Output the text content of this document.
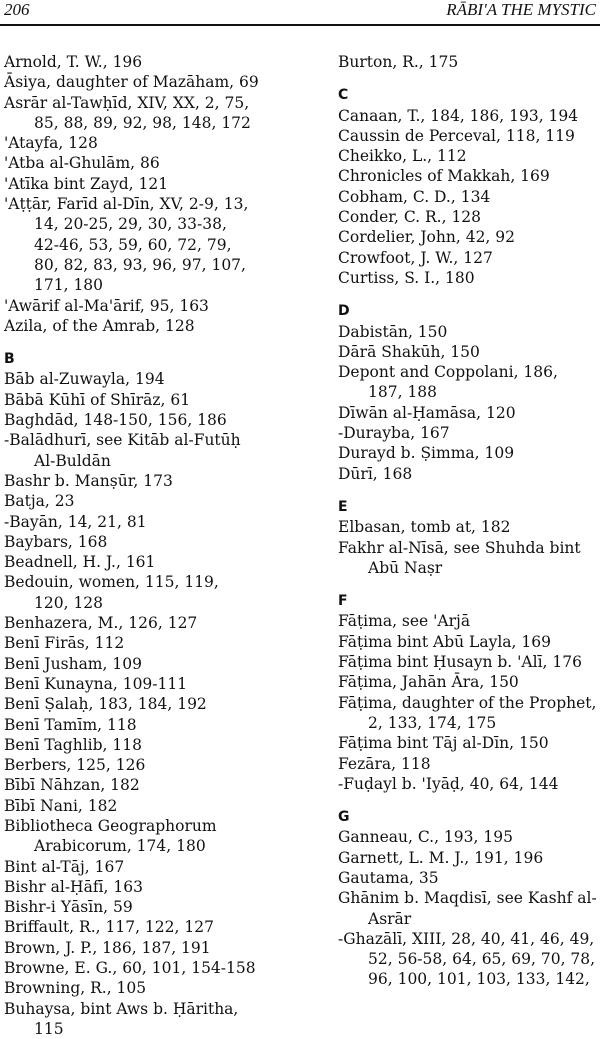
206	RĀBI'A THE MYSTIC
Arnold, T. W., 196
Āsiya, daughter of Mazāham, 69
Asrār al-Tawḥīd, XIV, XX, 2, 75,
85, 88, 89, 92, 98, 148, 172
'Atayfa, 128
'Atba al-Ghulām, 86
'Atīka bint Zayd, 121
'Aṭṭār, Farīd al-Dīn, XV, 2-9, 13,
14, 20-25, 29, 30, 33-38,
42-46, 53, 59, 60, 72, 79,
80, 82, 83, 93, 96, 97, 107,
171, 180
'Awārif al-Ma'ārif, 95, 163
Azila, of the Amrab, 128
B
Bāb al-Zuwayla, 194
Bābā Kūhī of Shīrāz, 61
Baghdād, 148-150, 156, 186
-Balādhurī, see Kitāb al-Futūḥ
Al-Buldān
Bashr b. Manṣūr, 173
Batja, 23
-Bayān, 14, 21, 81
Baybars, 168
Beadnell, H. J., 161
Bedouin, women, 115, 119,
120, 128
Benhazera, M., 126, 127
Benī Firās, 112
Benī Jusham, 109
Benī Kunayna, 109-111
Benī Ṣalaḥ, 183, 184, 192
Benī Tamīm, 118
Benī Taghlib, 118
Berbers, 125, 126
Bībī Nāhzan, 182
Bībī Nani, 182
Bibliotheca Geographorum
Arabicorum, 174, 180
Bint al-Tāj, 167
Bishr al-Ḥāfī, 163
Bishr-i Yāsīn, 59
Briffault, R., 117, 122, 127
Brown, J. P., 186, 187, 191
Browne, E. G., 60, 101, 154-158
Browning, R., 105
Buhaysa, bint Aws b. Ḥāritha,
115
Burton, R., 175
C
Canaan, T., 184, 186, 193, 194
Caussin de Perceval, 118, 119
Cheikko, L., 112
Chronicles of Makkah, 169
Cobham, C. D., 134
Conder, C. R., 128
Cordelier, John, 42, 92
Crowfoot, J. W., 127
Curtiss, S. I., 180
D
Dabistān, 150
Dārā Shakūh, 150
Depont and Coppolani, 186,
187, 188
Dīwān al-Ḥamāsa, 120
-Durayba, 167
Durayd b. Ṣimma, 109
Dūrī, 168
E
Elbasan, tomb at, 182
Fakhr al-Nīsā, see Shuhda bint
Abū Naṣr
F
Fāṭima, see 'Arjā
Fāṭima bint Abū Layla, 169
Fāṭima bint Ḥusayn b. 'Alī, 176
Fāṭima, Jahān Āra, 150
Fāṭima, daughter of the Prophet,
2, 133, 174, 175
Fāṭima bint Tāj al-Dīn, 150
Fezāra, 118
-Fuḍayl b. 'Iyāḍ, 40, 64, 144
G
Ganneau, C., 193, 195
Garnett, L. M. J., 191, 196
Gautama, 35
Ghānim b. Maqdisī, see Kashf al-
Asrār
-Ghazālī, XIII, 28, 40, 41, 46, 49,
52, 56-58, 64, 65, 69, 70, 78,
96, 100, 101, 103, 133, 142,
